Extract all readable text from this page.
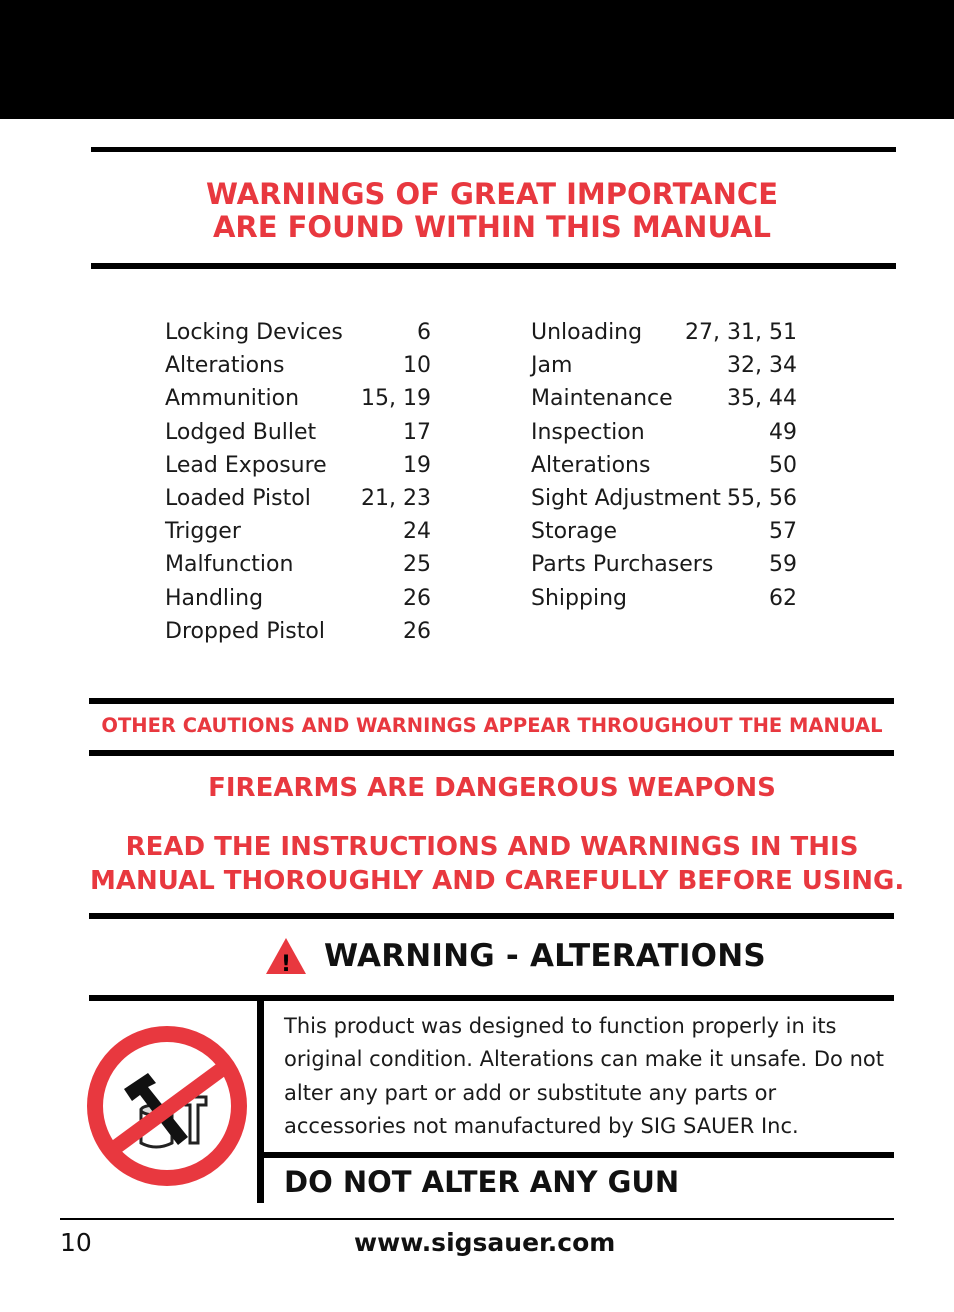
WARNINGS OF GREAT IMPORTANCE
ARE FOUND WITHIN THIS MANUAL
Locking Devices	6
Alterations	10
Ammunition	15, 19
Lodged Bullet	17
Lead Exposure	19
Loaded Pistol 21, 23
Trigger	24
Malfunction	25
Handling	26
Dropped Pistol	26
Unloading 27, 31, 51
Jam	32, 34
Maintenance 35, 44
Inspection	49
Alterations	50
Sight Adjustment 55, 56
Storage	57
Parts Purchasers	59
Shipping	62
OTHER CAUTIONS AND WARNINGS APPEAR THROUGHOUT THE MANUAL
FIREARMS ARE DANGEROUS WEAPONS
READ THE INSTRUCTIONS AND WARNINGS IN THIS
MANUAL THOROUGHLY AND CAREFULLY BEFORE USING.
! WARNING - ALTERATIONS
This product was designed to function properly in its original condition. Alterations can make it unsafe. Do not alter any part or add or substitute any parts or accessories not manufactured by SIG SAUER Inc.
DO NOT ALTER ANY GUN
10	www.sigsauer.com
